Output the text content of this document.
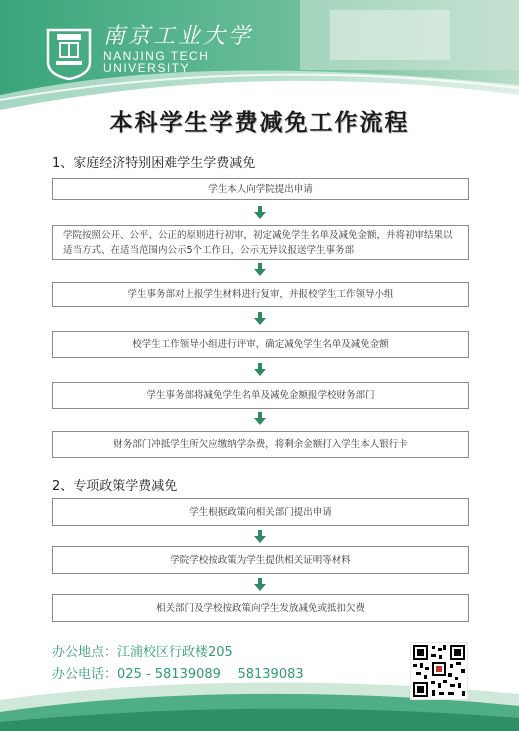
南京工业大学
NANJING TECH
UNIVERSITY
本科学生学费减免工作流程
1、家庭经济特别困难学生学费减免
学生本人向学院提出申请
学院按照公开、公平、公正的原则进行初审，初定减免学生名单及减免金额，并将初审结果以适当方式、在适当范围内公示5个工作日，公示无异议报送学生事务部
学生事务部对上报学生材料进行复审，并报校学生工作领导小组
校学生工作领导小组进行评审，确定减免学生名单及减免金额
学生事务部将减免学生名单及减免金额报学校财务部门
财务部门冲抵学生所欠应缴纳学杂费，将剩余金额打入学生本人银行卡
2、专项政策学费减免
学生根据政策向相关部门提出申请
学院学校按政策为学生提供相关证明等材料
相关部门及学校按政策向学生发放减免或抵扣欠费
办公地点：江浦校区行政楼205
办公电话：025 - 58139089    58139083
